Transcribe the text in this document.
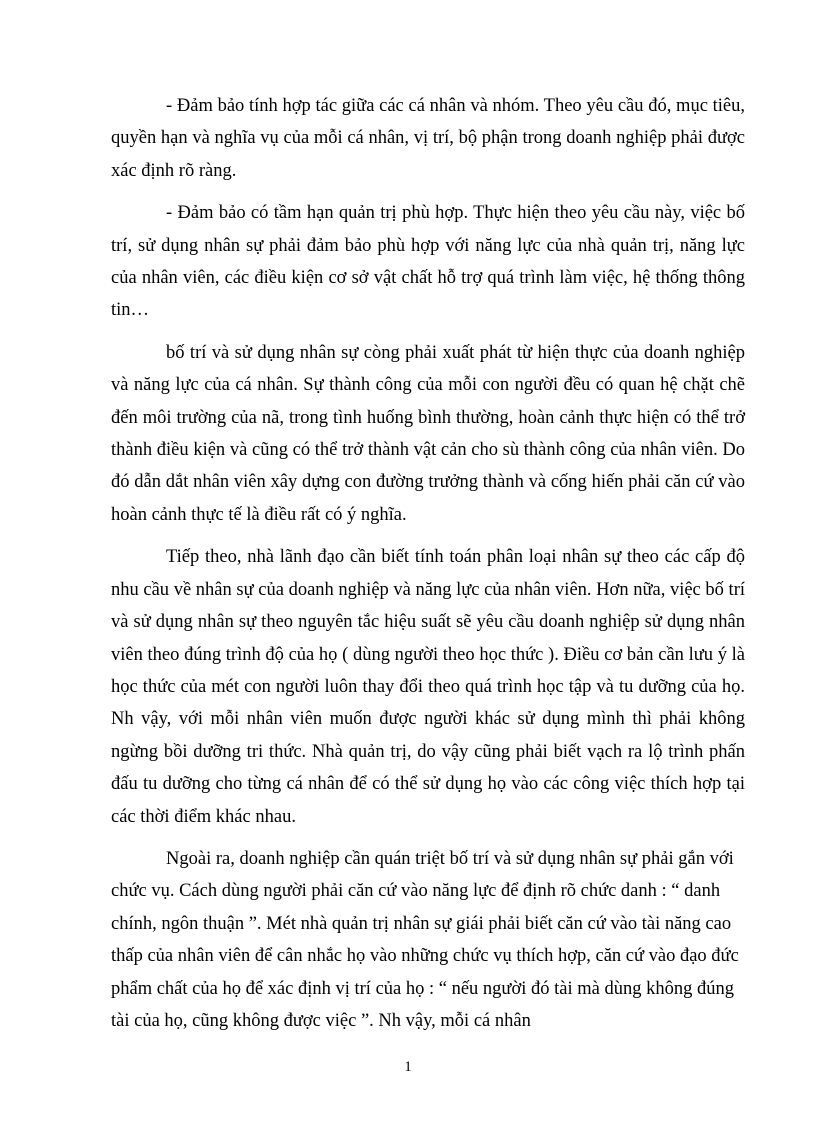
- Đảm bảo tính hợp tác giữa các cá nhân và nhóm. Theo yêu cầu đó, mục tiêu, quyền hạn và nghĩa vụ của mỗi cá nhân, vị trí, bộ phận trong doanh nghiệp phải được xác định rõ ràng.

- Đảm bảo có tầm hạn quản trị phù hợp. Thực hiện theo yêu cầu này, việc bố trí, sử dụng nhân sự phải đảm bảo phù hợp với năng lực của nhà quản trị, năng lực của nhân viên, các điều kiện cơ sở vật chất hỗ trợ quá trình làm việc, hệ thống thông tin…

bố trí và sử dụng nhân sự còng phải xuất phát từ hiện thực của doanh nghiệp và năng lực của cá nhân. Sự thành công của mỗi con người đều có quan hệ chặt chẽ đến môi trường của nã, trong tình huống bình thường, hoàn cảnh thực hiện có thể trở thành điều kiện và cũng có thể trở thành vật cản cho sù thành công của nhân viên. Do đó dẫn dắt nhân viên xây dựng con đường trưởng thành và cống hiến phải căn cứ vào hoàn cảnh thực tế là điều rất có ý nghĩa.

Tiếp theo, nhà lãnh đạo cần biết tính toán phân loại nhân sự theo các cấp độ nhu cầu về nhân sự của doanh nghiệp và năng lực của nhân viên. Hơn nữa, việc bố trí và sử dụng nhân sự theo nguyên tắc hiệu suất sẽ yêu cầu doanh nghiệp sử dụng nhân viên theo đúng trình độ của họ ( dùng người theo học thức ). Điều cơ bản cần lưu ý là học thức của mét con người luôn thay đổi theo quá trình học tập và tu dưỡng của họ. Nh vậy, với mỗi nhân viên muốn được người khác sử dụng mình thì phải không ngừng bồi dưỡng tri thức. Nhà quản trị, do vậy cũng phải biết vạch ra lộ trình phấn đấu tu dưỡng cho từng cá nhân để có thể sử dụng họ vào các công việc thích hợp tại các thời điểm khác nhau.

Ngoài ra, doanh nghiệp cần quán triệt bố trí và sử dụng nhân sự phải gắn với chức vụ. Cách dùng người phải căn cứ vào năng lực để định rõ chức danh : “ danh chính, ngôn thuận ”. Mét nhà quản trị nhân sự giái phải biết căn cứ vào tài năng cao thấp của nhân viên để cân nhắc họ vào những chức vụ thích hợp, căn cứ vào đạo đức phẩm chất của họ để xác định vị trí của họ : “ nếu người đó tài mà dùng không đúng tài của họ, cũng không được việc ”. Nh vậy, mỗi cá nhân

1
